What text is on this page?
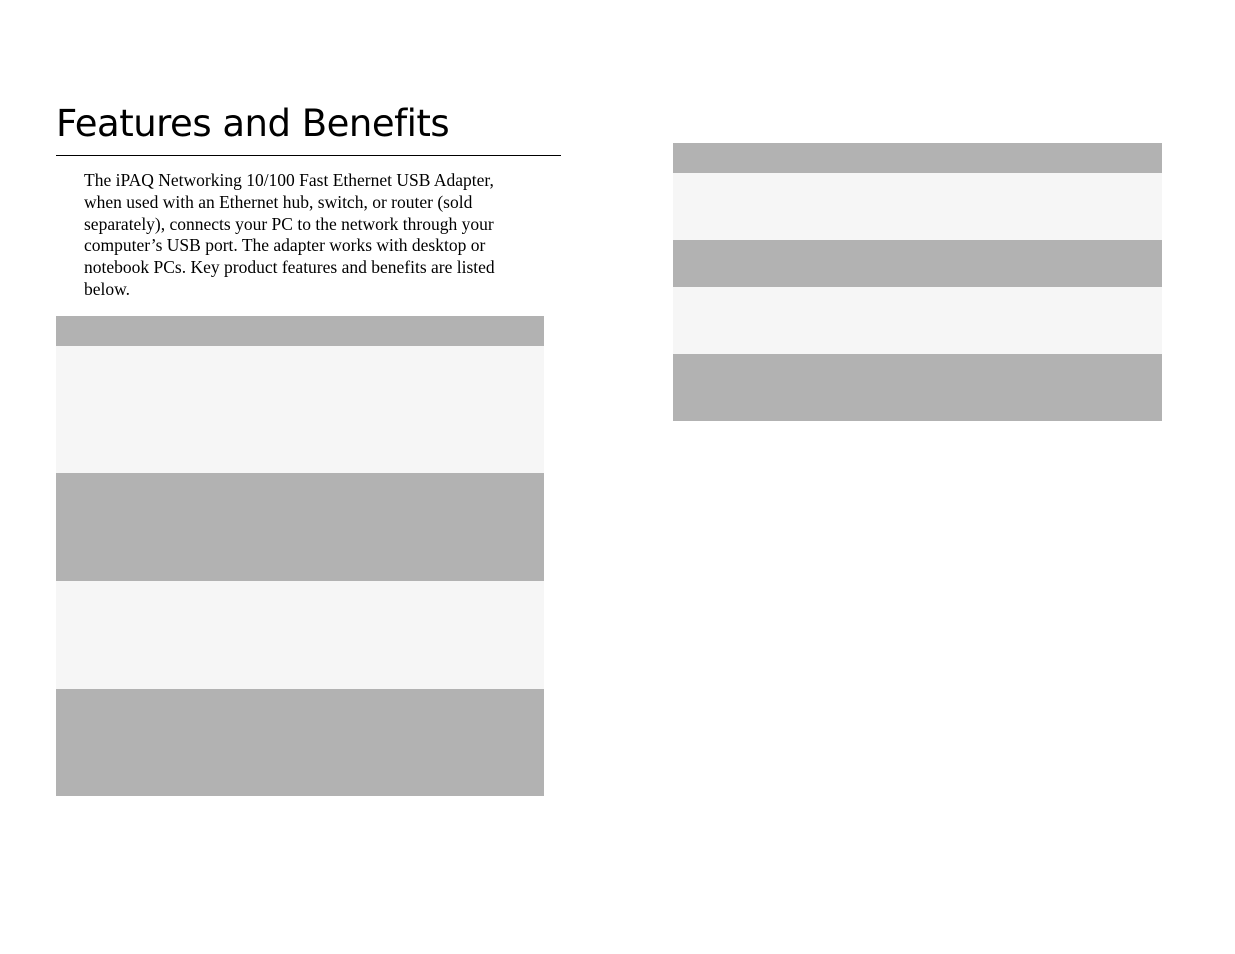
Features and Benefits

The iPAQ Networking 10/100 Fast Ethernet USB Adapter, when used with an Ethernet hub, switch, or router (sold separately), connects your PC to the network through your computer’s USB port. The adapter works with desktop or notebook PCs. Key product features and benefits are listed below.
